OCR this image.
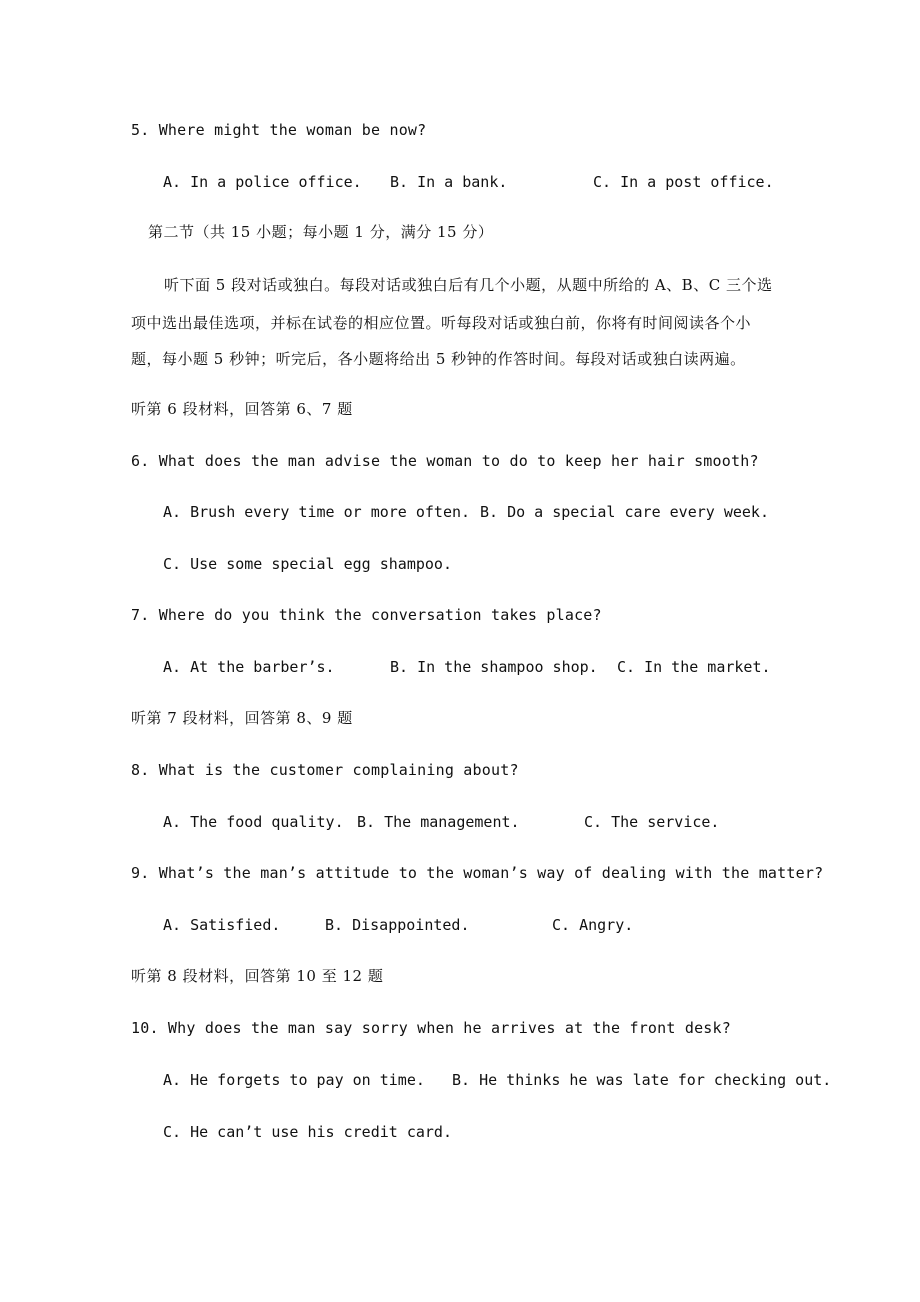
5. Where might the woman be now?
A. In a police office. B. In a bank.	C. In a post office.
第二节（共 15 小题；每小题 1 分，满分 15 分）
听下面 5 段对话或独白。每段对话或独白后有几个小题，从题中所给的 A、B、C 三个选
项中选出最佳选项，并标在试卷的相应位置。听每段对话或独白前，你将有时间阅读各个小
题，每小题 5 秒钟；听完后，各小题将给出 5 秒钟的作答时间。每段对话或独白读两遍。
听第 6 段材料，回答第 6、7 题
6. What does the man advise the woman to do to keep her hair smooth?
A. Brush every time or more often. B. Do a special care every week.
C. Use some special egg shampoo.
7. Where do you think the conversation takes place?
A. At the barber’s.	B. In the shampoo shop. C. In the market.
听第 7 段材料，回答第 8、9 题
8. What is the customer complaining about?
A. The food quality. B. The management.	C. The service.
9. What’s the man’s attitude to the woman’s way of dealing with the matter?
A. Satisfied.	B. Disappointed.	C. Angry.
听第 8 段材料，回答第 10 至 12 题
10. Why does the man say sorry when he arrives at the front desk?
A. He forgets to pay on time. B. He thinks he was late for checking out.
C. He can’t use his credit card.
